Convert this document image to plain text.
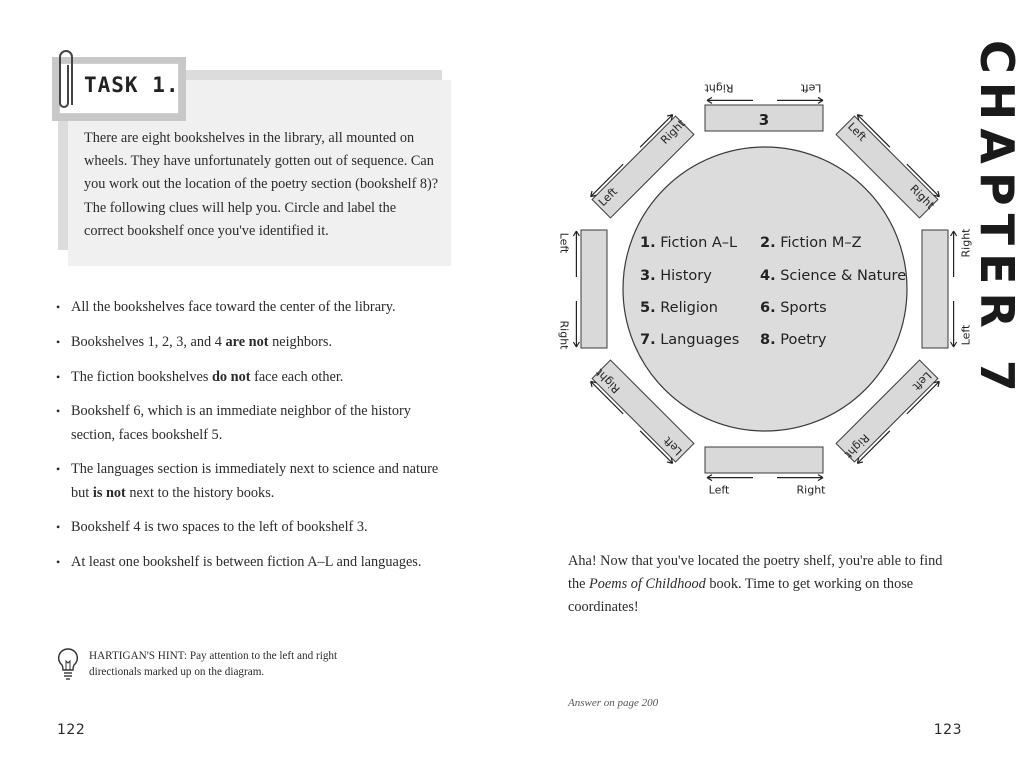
TASK 1.

There are eight bookshelves in the library, all mounted on wheels. They have unfortunately gotten out of sequence. Can you work out the location of the poetry section (bookshelf 8)? The following clues will help you. Circle and label the correct bookshelf once you've identified it.

• All the bookshelves face toward the center of the library.
• Bookshelves 1, 2, 3, and 4 are not neighbors.
• The fiction bookshelves do not face each other.
• Bookshelf 6, which is an immediate neighbor of the history section, faces bookshelf 5.
• The languages section is immediately next to science and nature but is not next to the history books.
• Bookshelf 4 is two spaces to the left of bookshelf 3.
• At least one bookshelf is between fiction A–L and languages.
HARTIGAN'S HINT: Pay attention to the left and right directionals marked up on the diagram.
122
3
1. Fiction A–L 2. Fiction M–Z
3. History	4. Science & Nature
5. Religion	6. Sports
7. Languages 8. Poetry
Left
Right
Left
Right
Left
Right
Left
Right
Left	Right
Left
Right
Left
Right
Left
Right

Aha! Now that you've located the poetry shelf, you're able to find the Poems of Childhood book. Time to get working on those coordinates!

Answer on page 200
123
CHAPTER 7
